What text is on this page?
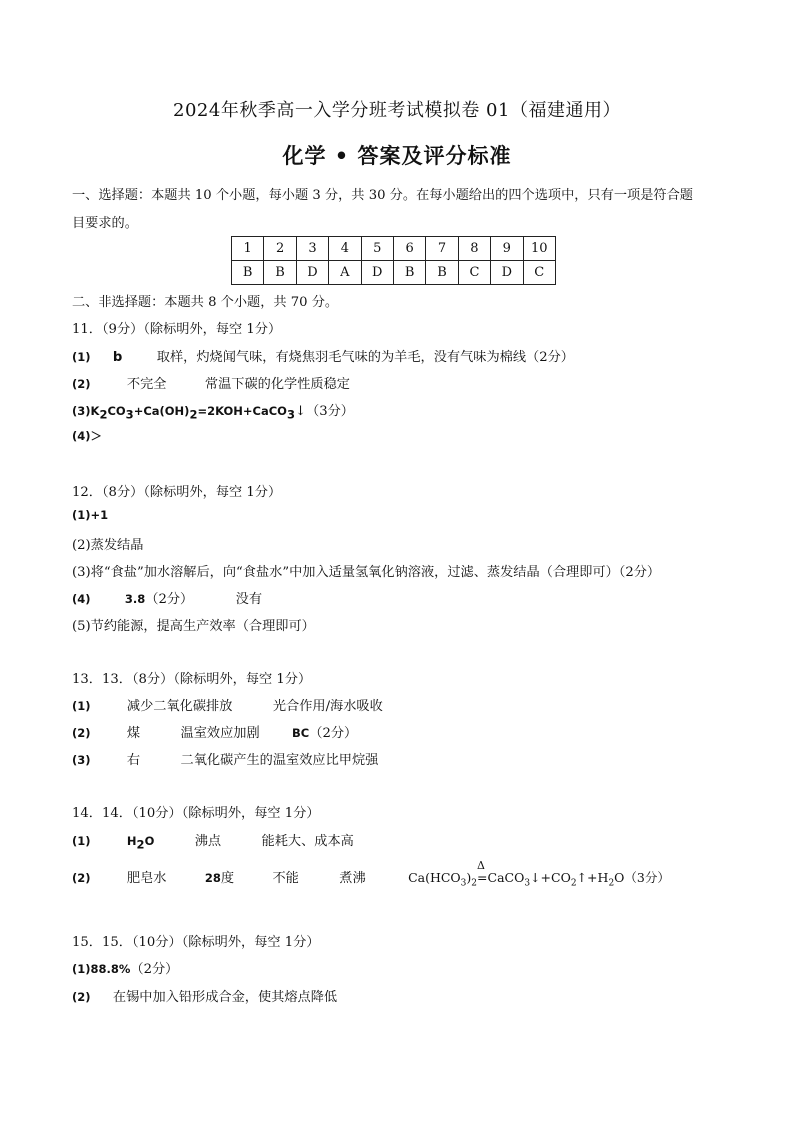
2024年秋季高一入学分班考试模拟卷 01（福建通用）
化学 • 答案及评分标准
一、选择题：本题共 10 个小题，每小题 3 分，共 30 分。在每小题给出的四个选项中，只有一项是符合题
目要求的。
1	2	3	4	5	6	7	8	9	10
B	B	D	A	D	B	B	C	D	C
二、非选择题：本题共 8 个小题，共 70 分。
11．（9分）（除标明外，每空 1分）
(1) b	取样，灼烧闻气味，有烧焦羽毛气味的为羊毛，没有气味为棉线（2分）
(2)	不完全	常温下碳的化学性质稳定
$(3)K_2CO_3+Ca(OH)_2=2KOH+CaCO_3↓(3$分）
(4)＞
12．（8分）（除标明外，每空 1分）
(1)+1
(2)蒸发结晶
(3)将“食盐”加水溶解后，向“食盐水”中加入适量氢氧化钠溶液，过滤、蒸发结晶（合理即可）（2分）
(4)	3.8（2分）	没有
(5)节约能源，提高生产效率（合理即可）
13．13．（8分）（除标明外，每空 1分）
(1)	减少二氧化碳排放	光合作用/海水吸收
(2)	煤	温室效应加剧	BC（2分）
(3)	右	二氧化碳产生的温室效应比甲烷强
14．14．（10分）（除标明外，每空 1分）
(1)	$H_2O$	沸点	能耗大、成本高
(2)	肥皂水	28度	不能	煮沸	$Ca(HCO_3)_2$
Δ
$=CaCO_3↓+CO_2↑+H_2O(3$分）
15．15．（10分）（除标明外，每空 1分）
(1)88.8%（2分）
(2) 在锡中加入铅形成合金，使其熔点降低
